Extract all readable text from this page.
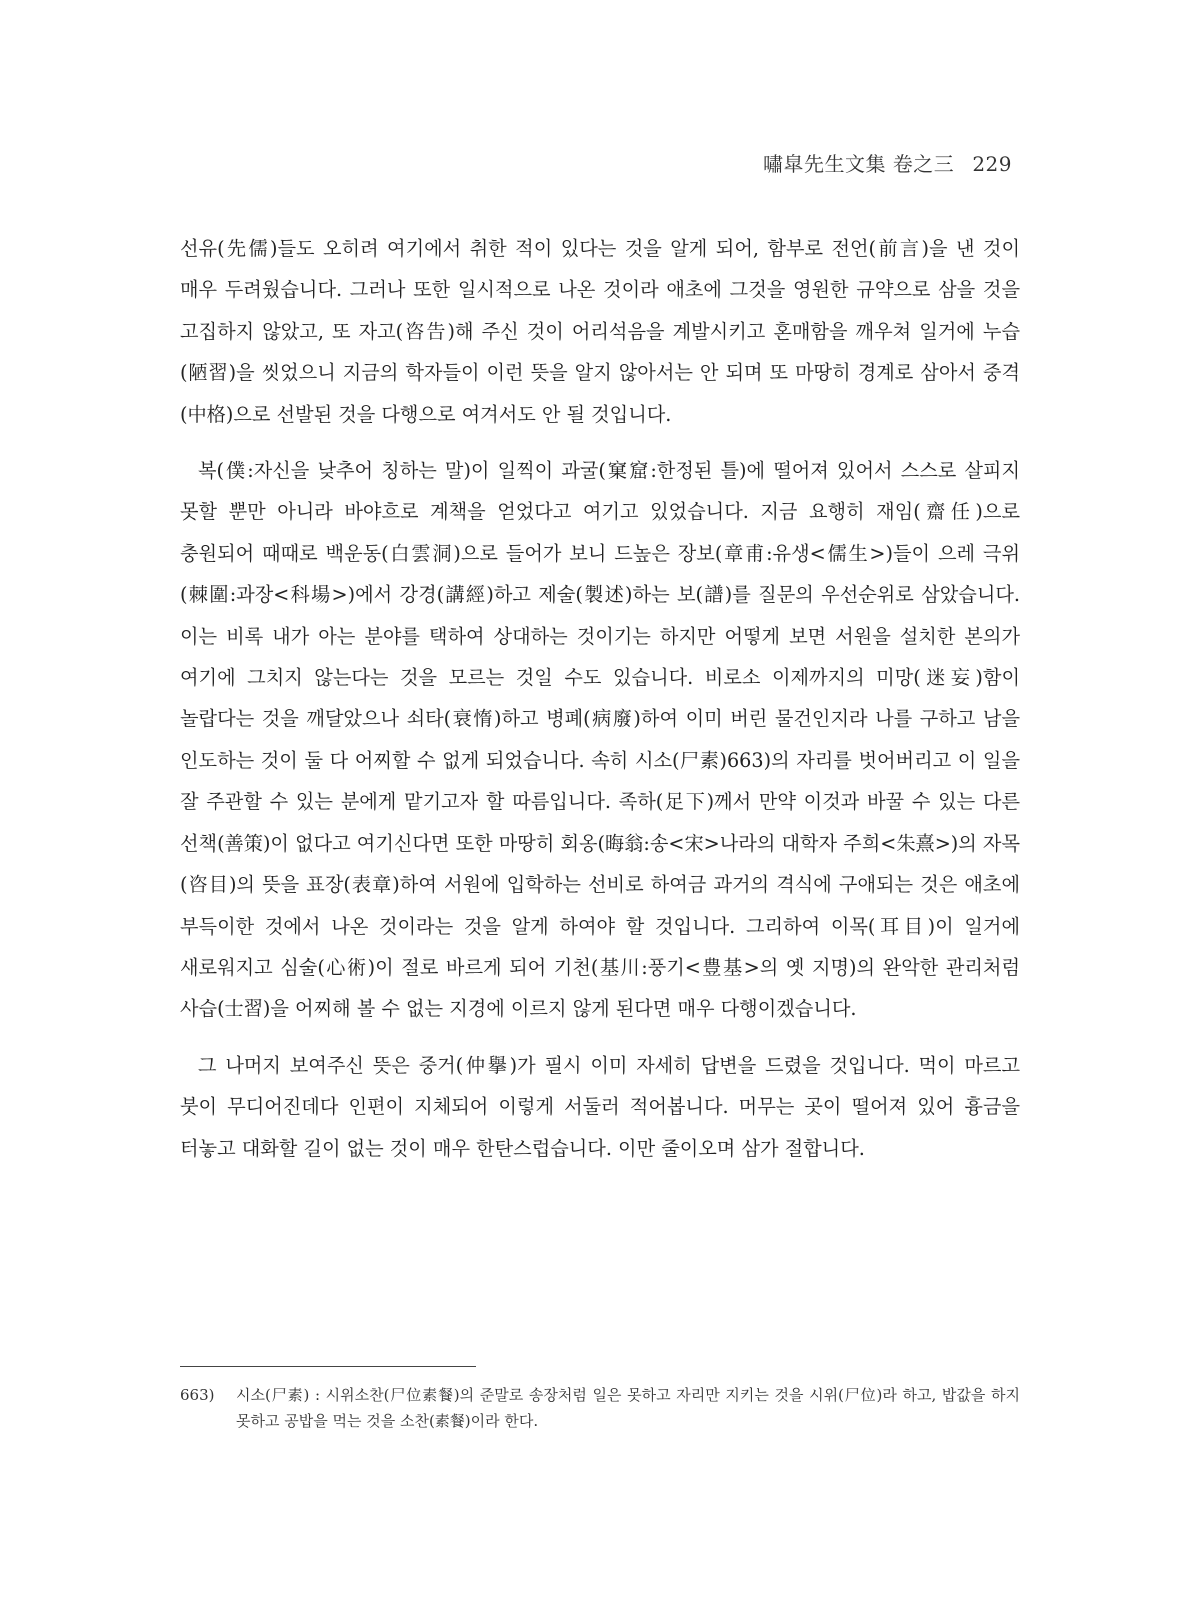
嘯皐先生文集 卷之三 229

선유(先儒)들도 오히려 여기에서 취한 적이 있다는 것을 알게 되어, 함부로 전언(前言)을 낸 것이 매우 두려웠습니다. 그러나 또한 일시적으로 나온 것이라 애초에 그것을 영원한 규약으로 삼을 것을 고집하지 않았고, 또 자고(咨告)해 주신 것이 어리석음을 계발시키고 혼매함을 깨우쳐 일거에 누습(陋習)을 씻었으니 지금의 학자들이 이런 뜻을 알지 않아서는 안 되며 또 마땅히 경계로 삼아서 중격(中格)으로 선발된 것을 다행으로 여겨서도 안 될 것입니다.

복(僕:자신을 낮추어 칭하는 말)이 일찍이 과굴(窠窟:한정된 틀)에 떨어져 있어서 스스로 살피지 못할 뿐만 아니라 바야흐로 계책을 얻었다고 여기고 있었습니다. 지금 요행히 재임(齋任)으로 충원되어 때때로 백운동(白雲洞)으로 들어가 보니 드높은 장보(章甫:유생<儒生>)들이 으레 극위(棘圍:과장<科場>)에서 강경(講經)하고 제술(製述)하는 보(譜)를 질문의 우선순위로 삼았습니다. 이는 비록 내가 아는 분야를 택하여 상대하는 것이기는 하지만 어떻게 보면 서원을 설치한 본의가 여기에 그치지 않는다는 것을 모르는 것일 수도 있습니다. 비로소 이제까지의 미망(迷妄)함이 놀랍다는 것을 깨달았으나 쇠타(衰惰)하고 병폐(病廢)하여 이미 버린 물건인지라 나를 구하고 남을 인도하는 것이 둘 다 어찌할 수 없게 되었습니다. 속히 시소(尸素)663)의 자리를 벗어버리고 이 일을 잘 주관할 수 있는 분에게 맡기고자 할 따름입니다. 족하(足下)께서 만약 이것과 바꿀 수 있는 다른 선책(善策)이 없다고 여기신다면 또한 마땅히 회옹(晦翁:송<宋>나라의 대학자 주희<朱熹>)의 자목(咨目)의 뜻을 표장(表章)하여 서원에 입학하는 선비로 하여금 과거의 격식에 구애되는 것은 애초에 부득이한 것에서 나온 것이라는 것을 알게 하여야 할 것입니다. 그리하여 이목(耳目)이 일거에 새로워지고 심술(心術)이 절로 바르게 되어 기천(基川:풍기<豊基>의 옛 지명)의 완악한 관리처럼 사습(士習)을 어찌해 볼 수 없는 지경에 이르지 않게 된다면 매우 다행이겠습니다.

그 나머지 보여주신 뜻은 중거(仲擧)가 필시 이미 자세히 답변을 드렸을 것입니다. 먹이 마르고 붓이 무디어진데다 인편이 지체되어 이렇게 서둘러 적어봅니다. 머무는 곳이 떨어져 있어 흉금을 터놓고 대화할 길이 없는 것이 매우 한탄스럽습니다. 이만 줄이오며 삼가 절합니다.

663) 시소(尸素) : 시위소찬(尸位素餐)의 준말로 송장처럼 일은 못하고 자리만 지키는 것을 시위(尸位)라 하고, 밥값을 하지 못하고 공밥을 먹는 것을 소찬(素餐)이라 한다.
